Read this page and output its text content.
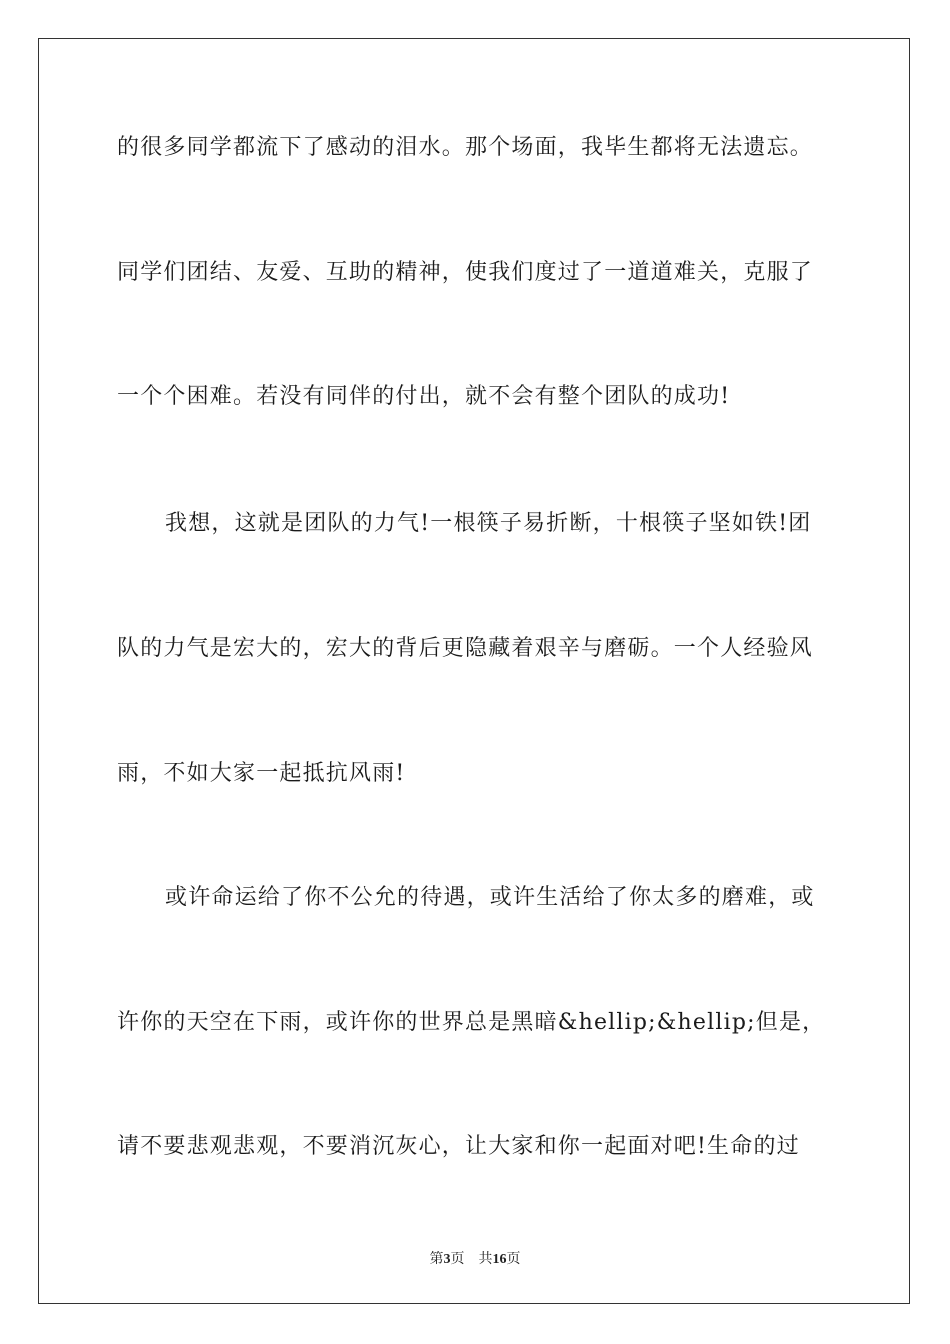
的很多同学都流下了感动的泪水。那个场面，我毕生都将无法遗忘。
同学们团结、友爱、互助的精神，使我们度过了一道道难关，克服了
一个个困难。若没有同伴的付出，就不会有整个团队的成功!
我想，这就是团队的力气!一根筷子易折断，十根筷子坚如铁!团
队的力气是宏大的，宏大的背后更隐藏着艰辛与磨砺。一个人经验风
雨，不如大家一起抵抗风雨!
或许命运给了你不公允的待遇，或许生活给了你太多的磨难，或
许你的天空在下雨，或许你的世界总是黑暗&hellip;&hellip;但是，
请不要悲观悲观，不要消沉灰心，让大家和你一起面对吧!生命的过
第3页 共16页
